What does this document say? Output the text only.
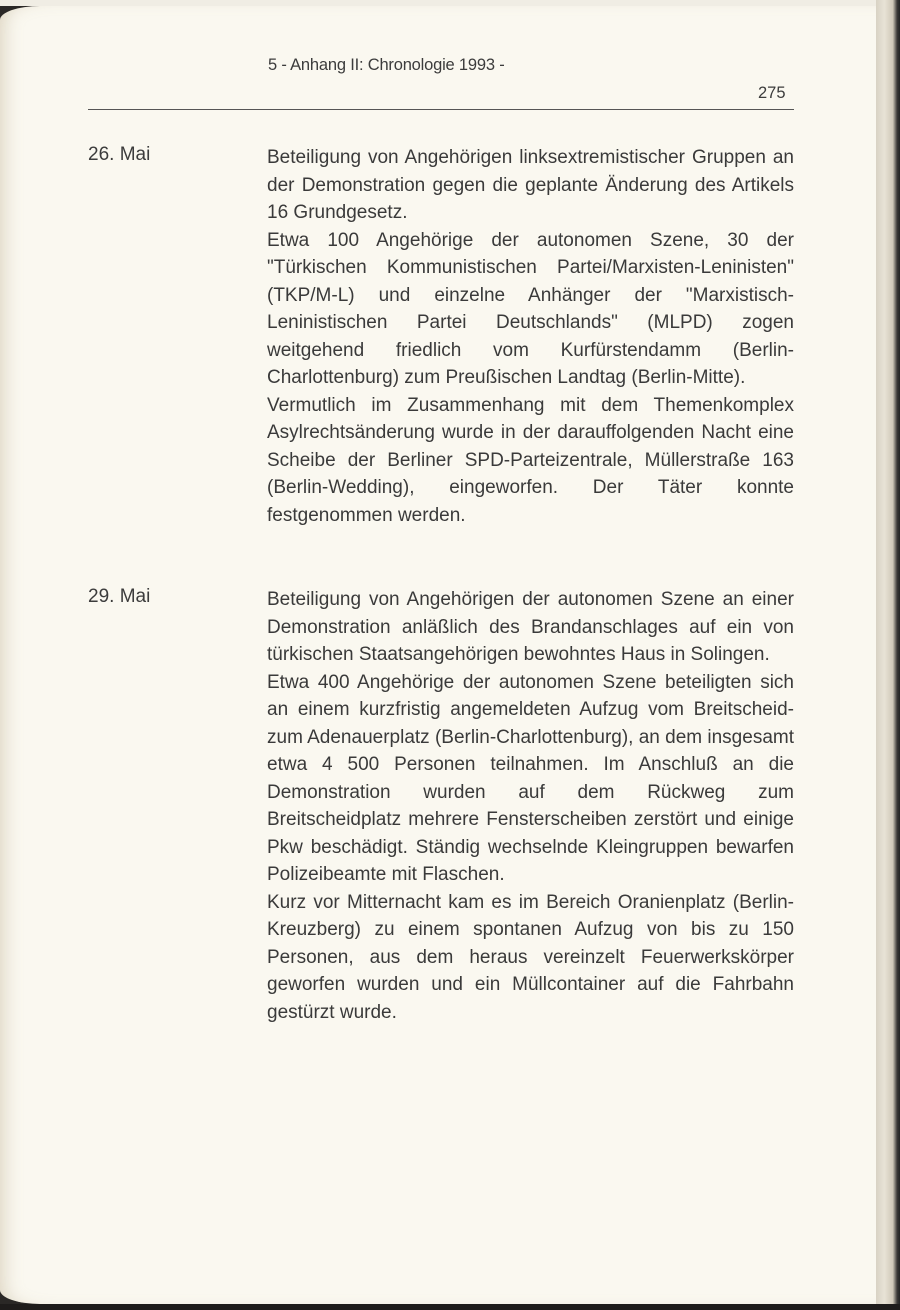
5 - Anhang II: Chronologie 1993 -
275
26. Mai	Beteiligung von Angehörigen linksextremistischer Gruppen an der Demonstration gegen die geplante Änderung des Artikels 16 Grundgesetz.

Etwa 100 Angehörige der autonomen Szene, 30 der "Türkischen Kommunistischen Partei/Marxisten-Leninisten" (TKP/M-L) und einzelne Anhänger der "Marxistisch-Leninistischen Partei Deutschlands" (MLPD) zogen weitgehend friedlich vom Kurfürstendamm (Berlin-Charlottenburg) zum Preußischen Landtag (Berlin-Mitte).

Vermutlich im Zusammenhang mit dem Themenkomplex Asylrechtsänderung wurde in der darauffolgenden Nacht eine Scheibe der Berliner SPD-Parteizentrale, Müllerstraße 163 (Berlin-Wedding), eingeworfen. Der Täter konnte festgenommen werden.

29. Mai	Beteiligung von Angehörigen der autonomen Szene an einer Demonstration anläßlich des Brandanschlages auf ein von türkischen Staatsangehörigen bewohntes Haus in Solingen.

Etwa 400 Angehörige der autonomen Szene beteiligten sich an einem kurzfristig angemeldeten Aufzug vom Breitscheid- zum Adenauerplatz (Berlin-Charlottenburg), an dem insgesamt etwa 4 500 Personen teilnahmen. Im Anschluß an die Demonstration wurden auf dem Rückweg zum Breitscheidplatz mehrere Fensterscheiben zerstört und einige Pkw beschädigt. Ständig wechselnde Kleingruppen bewarfen Polizeibeamte mit Flaschen.

Kurz vor Mitternacht kam es im Bereich Oranienplatz (Berlin-Kreuzberg) zu einem spontanen Aufzug von bis zu 150 Personen, aus dem heraus vereinzelt Feuerwerkskörper geworfen wurden und ein Müllcontainer auf die Fahrbahn gestürzt wurde.
